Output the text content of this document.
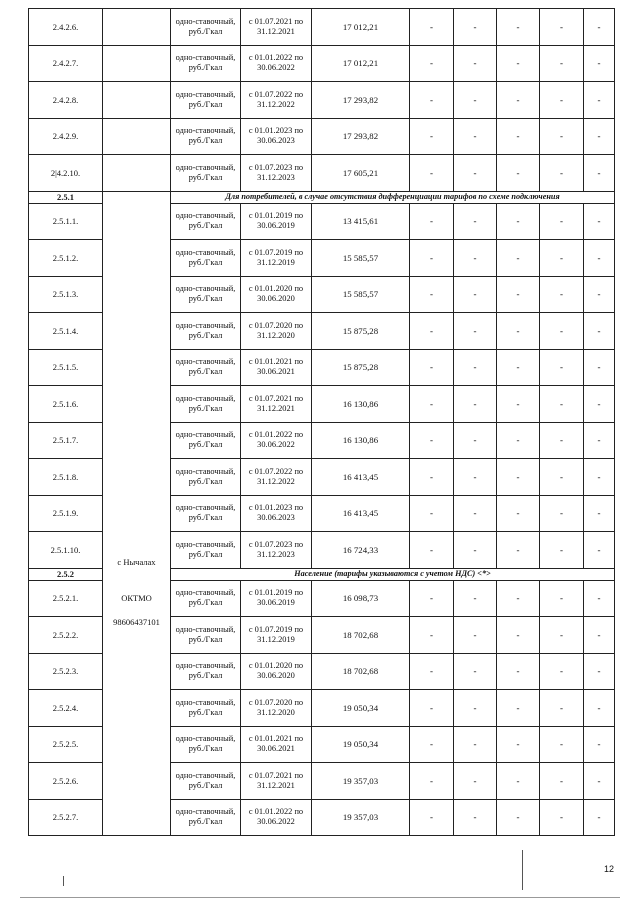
2.4.2.6.		одно-ставочный, руб./Гкал	с 01.07.2021 по 31.12.2021	17 012,21	-	-	-	-	-
2.4.2.7.		одно-ставочный, руб./Гкал	с 01.01.2022 по 30.06.2022	17 012,21	-	-	-	-	-
2.4.2.8.		одно-ставочный, руб./Гкал	с 01.07.2022 по 31.12.2022	17 293,82	-	-	-	-	-
2.4.2.9.		одно-ставочный, руб./Гкал	с 01.01.2023 по 30.06.2023	17 293,82	-	-	-	-	-
2|4.2.10.		одно-ставочный, руб./Гкал	с 01.07.2023 по 31.12.2023	17 605,21	-	-	-	-	-
2.5.1		Для потребителей, в случае отсутствия дифференциации тарифов по схеме подключения							
2.5.1.1.		одно-ставочный, руб./Гкал	с 01.01.2019 по 30.06.2019	13 415,61	-	-	-	-	-
2.5.1.2.		одно-ставочный, руб./Гкал	с 01.07.2019 по 31.12.2019	15 585,57	-	-	-	-	-
2.5.1.3.		одно-ставочный, руб./Гкал	с 01.01.2020 по 30.06.2020	15 585,57	-	-	-	-	-
2.5.1.4.		одно-ставочный, руб./Гкал	с 01.07.2020 по 31.12.2020	15 875,28	-	-	-	-	-
2.5.1.5.		одно-ставочный, руб./Гкал	с 01.01.2021 по 30.06.2021	15 875,28	-	-	-	-	-
2.5.1.6.		одно-ставочный, руб./Гкал	с 01.07.2021 по 31.12.2021	16 130,86	-	-	-	-	-
2.5.1.7.		одно-ставочный, руб./Гкал	с 01.01.2022 по 30.06.2022	16 130,86	-	-	-	-	-
2.5.1.8.		одно-ставочный, руб./Гкал	с 01.07.2022 по 31.12.2022	16 413,45	-	-	-	-	-
2.5.1.9.		одно-ставочный, руб./Гкал	с 01.01.2023 по 30.06.2023	16 413,45	-	-	-	-	-
2.5.1.10.	с Нычалах	одно-ставочный, руб./Гкал	с 01.07.2023 по 31.12.2023	16 724,33	-	-	-	-	-
2.5.2		Население (тарифы указываются с учетом НДС) <*>							
2.5.2.1.	ОКТМО	одно-ставочный, руб./Гкал	с 01.01.2019 по 30.06.2019	16 098,73	-	-	-	-	-
2.5.2.2.	98606437101	одно-ставочный, руб./Гкал	с 01.07.2019 по 31.12.2019	18 702,68	-	-	-	-	-
2.5.2.3.		одно-ставочный, руб./Гкал	с 01.01.2020 по 30.06.2020	18 702,68	-	-	-	-	-
2.5.2.4.		одно-ставочный, руб./Гкал	с 01.07.2020 по 31.12.2020	19 050,34	-	-	-	-	-
2.5.2.5.		одно-ставочный, руб./Гкал	с 01.01.2021 по 30.06.2021	19 050,34	-	-	-	-	-
2.5.2.6.		одно-ставочный, руб./Гкал	с 01.07.2021 по 31.12.2021	19 357,03	-	-	-	-	-
2.5.2.7.		одно-ставочный, руб./Гкал	с 01.01.2022 по 30.06.2022	19 357,03	-	-	-	-	-
12
